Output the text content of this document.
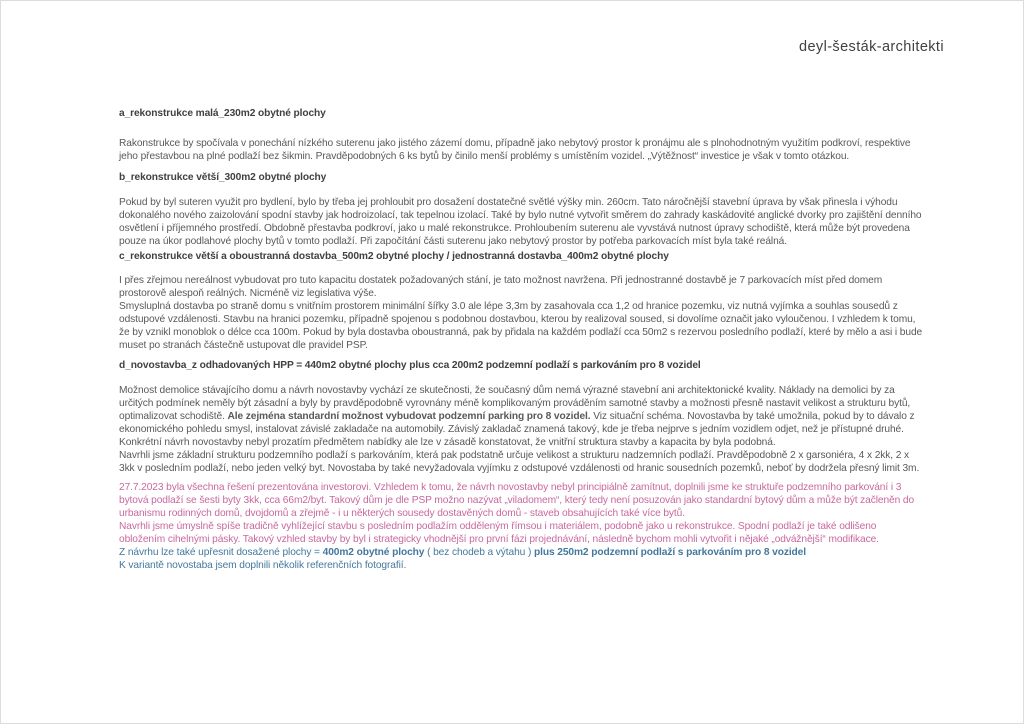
deyl-šesták-architekti
a_rekonstrukce malá_230m2 obytné plochy

Rakonstrukce by spočívala v ponechání nízkého suterenu jako jistého zázemí domu, případně jako nebytový prostor k pronájmu ale s plnohodnotným využitím podkroví, respektive jeho přestavbou na plné podlaží bez šikmin. Pravděpodobných 6 ks bytů by činilo menší problémy s umístěním vozidel. „Výtěžnost“ investice je však v tomto otázkou.

b_rekonstrukce větší_300m2 obytné plochy

Pokud by byl suteren využit pro bydlení, bylo by třeba jej prohloubit pro dosažení dostatečné světlé výšky min. 260cm. Tato náročnější stavební úprava by však přinesla i výhodu dokonalého nového zaizolování spodní stavby jak hodroizolací, tak tepelnou izolací. Také by bylo nutné vytvořit směrem do zahrady kaskádovité anglické dvorky pro zajištění denního osvětlení i příjemného prostředí. Obdobně přestavba podkroví, jako u malé rekonstrukce. Prohloubením suterenu ale vyvstává nutnost úpravy schodiště, která může být provedena pouze na úkor podlahové plochy bytů v tomto podlaží. Při započítání části suterenu jako nebytový prostor by potřeba parkovacích míst byla také reálná.

c_rekonstrukce větší a oboustranná dostavba_500m2 obytné plochy / jednostranná dostavba_400m2 obytné plochy

I přes zřejmou nereálnost vybudovat pro tuto kapacitu dostatek požadovaných stání, je tato možnost navržena. Při jednostranné dostavbě je 7 parkovacích míst před domem prostorově alespoň reálných. Nicméně viz legislativa výše.

Smysluplná dostavba po straně domu s vnitřním prostorem minimální šířky 3.0 ale lépe 3,3m by zasahovala cca 1,2 od hranice pozemku, viz nutná vyjímka a souhlas sousedů z odstupové vzdálenosti. Stavbu na hranici pozemku, případně spojenou s podobnou dostavbou, kterou by realizoval soused, si dovolíme označit jako vyloučenou. I vzhledem k tomu, že by vznikl monoblok o délce cca 100m. Pokud by byla dostavba oboustranná, pak by přidala na každém podlaží cca 50m2 s rezervou posledního podlaží, které by mělo a asi i bude muset po stranách částečně ustupovat dle pravidel PSP.

d_novostavba_z odhadovaných HPP = 440m2 obytné plochy plus cca 200m2 podzemní podlaží s parkováním pro 8 vozidel

Možnost demolice stávajícího domu a návrh novostavby vychází ze skutečnosti, že současný dům nemá výrazné stavební ani architektonické kvality. Náklady na demolici by za určitých podmínek neměly být zásadní a byly by pravděpodobně vyrovnány méně komplikovaným prováděním samotné stavby a možnosti přesně nastavit velikost a strukturu bytů, optimalizovat schodiště. Ale zejména standardní možnost vybudovat podzemní parking pro 8 vozidel. Viz situační schéma. Novostavba by také umožnila, pokud by to dávalo z ekonomického pohledu smysl, instalovat závislé zakladače na automobily. Závislý zakladač znamená takový, kde je třeba nejprve s jedním vozidlem odjet, než je přístupné druhé. Konkrétní návrh novostavby nebyl prozatím předmětem nabídky ale lze v zásadě konstatovat, že vnitřní struktura stavby a kapacita by byla podobná.

Navrhli jsme základní strukturu podzemního podlaží s parkováním, která pak podstatně určuje velikost a strukturu nadzemních podlaží. Pravděpodobně 2 x garsoniéra, 4 x 2kk, 2 x 3kk v posledním podlaží, nebo jeden velký byt. Novostaba by také nevyžadovala vyjímku z odstupové vzdálenosti od hranic sousedních pozemků, neboť by dodržela přesný limit 3m.

27.7.2023 byla všechna řešení prezentována investorovi. Vzhledem k tomu, že návrh novostavby nebyl principiálně zamítnut, doplnili jsme ke struktuře podzemního parkování i 3 bytová podlaží se šesti byty 3kk, cca 66m2/byt. Takový dům je dle PSP možno nazývat „viladomem“, který tedy není posuzován jako standardní bytový dům a může být začleněn do urbanismu rodinných domů, dvojdomů a zřejmě - i u některých sousedy dostavěných domů - staveb obsahujících také více bytů.

Navrhli jsme úmyslně spíše tradičně vyhlížející stavbu s posledním podlažím odděleným římsou i materiálem, podobně jako u rekonstrukce. Spodní podlaží je také odlišeno obložením cihelnými pásky. Takový vzhled stavby by byl i strategicky vhodnější pro první fázi projednávání, následně bychom mohli vytvořit i nějaké „odvážnější“ modifikace.

Z návrhu lze také upřesnit dosažené plochy = 400m2 obytné plochy ( bez chodeb a výtahu ) plus 250m2 podzemní podlaží s parkováním pro 8 vozidel

K variantě novostaba jsem doplnili několik referenčních fotografií.
